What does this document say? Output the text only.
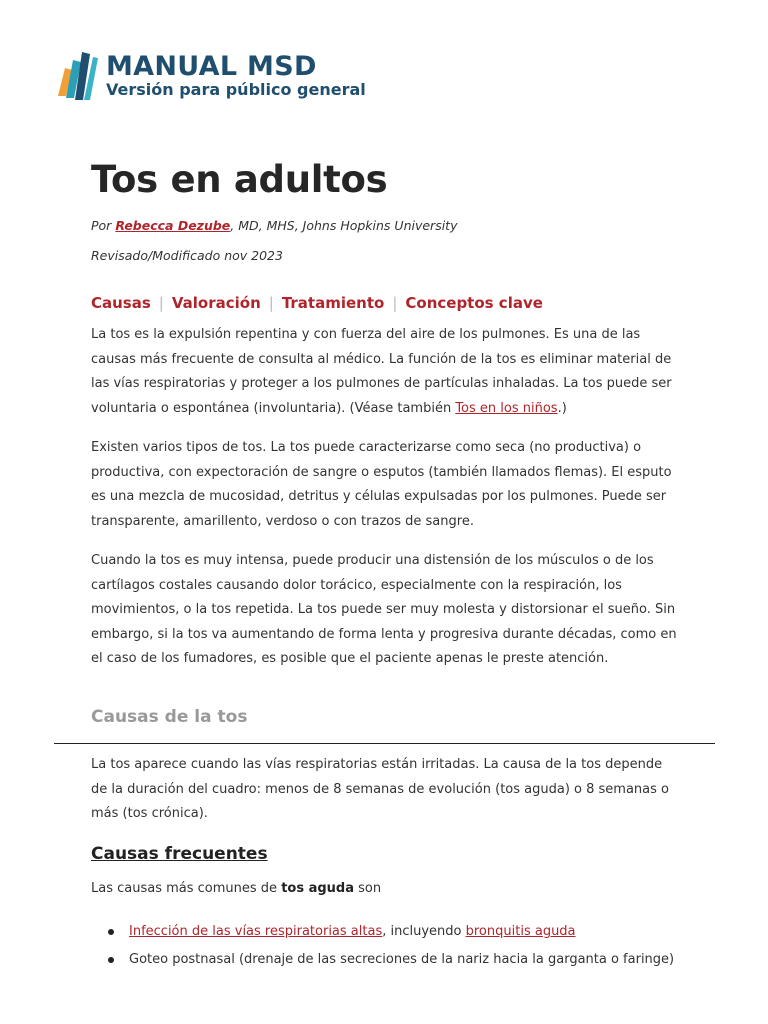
MANUAL MSD
Versión para público general
Tos en adultos
Por Rebecca Dezube, MD, MHS, Johns Hopkins University
Revisado/Modificado nov 2023
Causas | Valoración | Tratamiento | Conceptos clave

La tos es la expulsión repentina y con fuerza del aire de los pulmones. Es una de las causas más frecuente de consulta al médico. La función de la tos es eliminar material de las vías respiratorias y proteger a los pulmones de partículas inhaladas. La tos puede ser voluntaria o espontánea (involuntaria). (Véase también Tos en los niños.)

Existen varios tipos de tos. La tos puede caracterizarse como seca (no productiva) o productiva, con expectoración de sangre o esputos (también llamados flemas). El esputo es una mezcla de mucosidad, detritus y células expulsadas por los pulmones. Puede ser transparente, amarillento, verdoso o con trazos de sangre.

Cuando la tos es muy intensa, puede producir una distensión de los músculos o de los cartílagos costales causando dolor torácico, especialmente con la respiración, los movimientos, o la tos repetida. La tos puede ser muy molesta y distorsionar el sueño. Sin embargo, si la tos va aumentando de forma lenta y progresiva durante décadas, como en el caso de los fumadores, es posible que el paciente apenas le preste atención.

Causas de la tos

La tos aparece cuando las vías respiratorias están irritadas. La causa de la tos depende de la duración del cuadro: menos de 8 semanas de evolución (tos aguda) o 8 semanas o más (tos crónica).

Causas frecuentes

Las causas más comunes de tos aguda son

Infección de las vías respiratorias altas, incluyendo bronquitis aguda
Goteo postnasal (drenaje de las secreciones de la nariz hacia la garganta o faringe)
